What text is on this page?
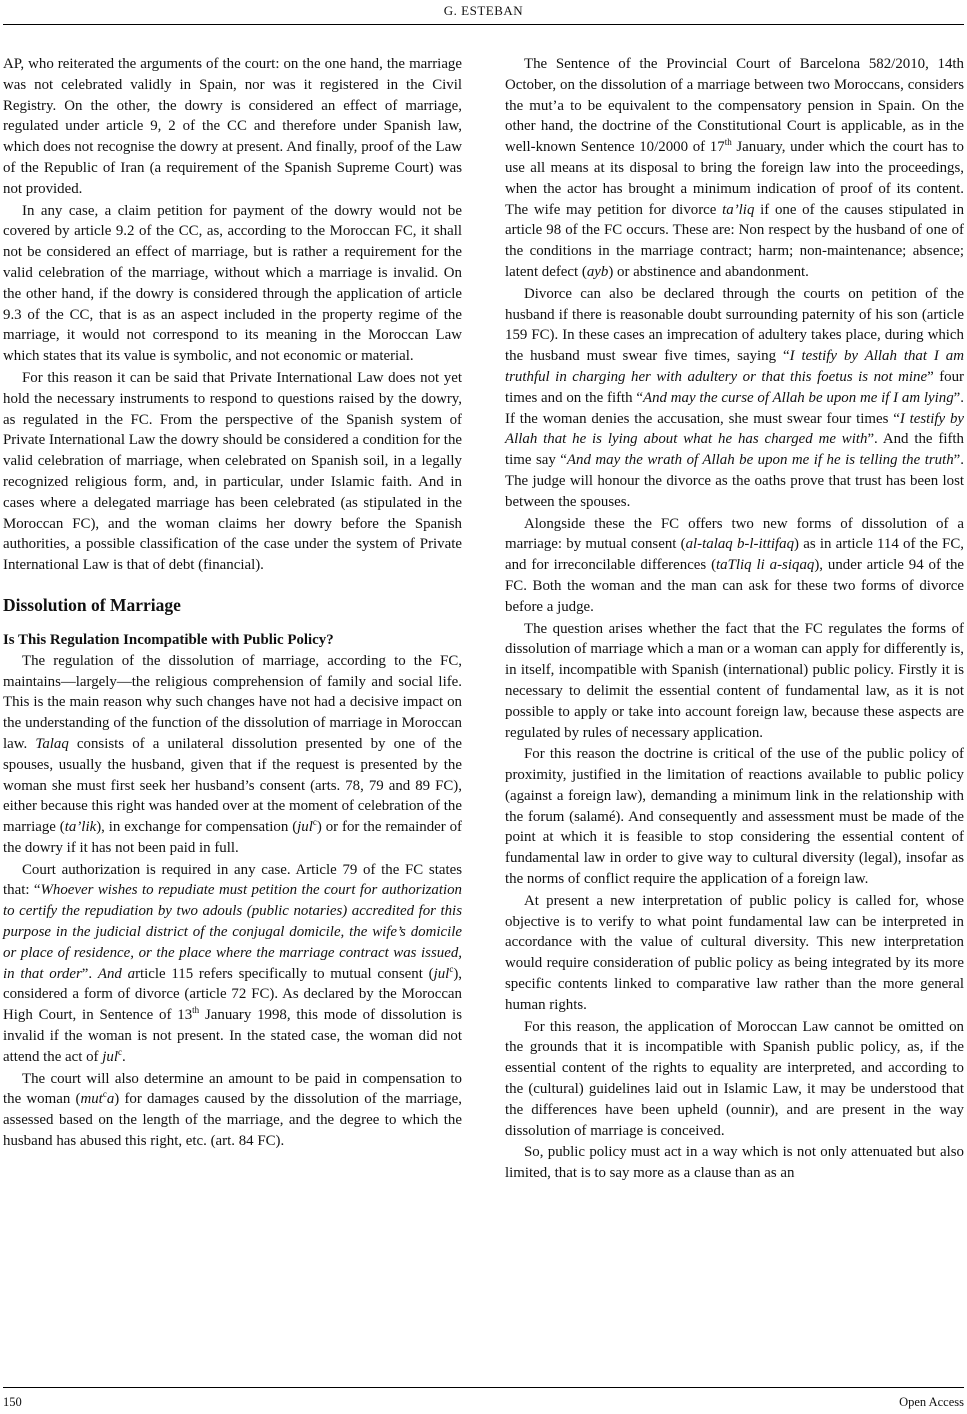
G. ESTEBAN

AP, who reiterated the arguments of the court: on the one hand, the marriage was not celebrated validly in Spain, nor was it registered in the Civil Registry. On the other, the dowry is considered an effect of marriage, regulated under article 9, 2 of the CC and therefore under Spanish law, which does not recognise the dowry at present. And finally, proof of the Law of the Republic of Iran (a requirement of the Spanish Supreme Court) was not provided.

In any case, a claim petition for payment of the dowry would not be covered by article 9.2 of the CC, as, according to the Moroccan FC, it shall not be considered an effect of marriage, but is rather a requirement for the valid celebration of the marriage, without which a marriage is invalid. On the other hand, if the dowry is considered through the application of article 9.3 of the CC, that is as an aspect included in the property regime of the marriage, it would not correspond to its meaning in the Moroccan Law which states that its value is symbolic, and not economic or material.

For this reason it can be said that Private International Law does not yet hold the necessary instruments to respond to questions raised by the dowry, as regulated in the FC. From the perspective of the Spanish system of Private International Law the dowry should be considered a condition for the valid celebration of marriage, when celebrated on Spanish soil, in a legally recognized religious form, and, in particular, under Islamic faith. And in cases where a delegated marriage has been celebrated (as stipulated in the Moroccan FC), and the woman claims her dowry before the Spanish authorities, a possible classification of the case under the system of Private International Law is that of debt (financial).

Dissolution of Marriage
Is This Regulation Incompatible with Public Policy?

The regulation of the dissolution of marriage, according to the FC, maintains—largely—the religious comprehension of family and social life. This is the main reason why such changes have not had a decisive impact on the understanding of the function of the dissolution of marriage in Moroccan law. Talaq consists of a unilateral dissolution presented by one of the spouses, usually the husband, given that if the request is presented by the woman she must first seek her husband’s consent (arts. 78, 79 and 89 FC), either because this right was handed over at the moment of celebration of the marriage (ta’lik), in exchange for compensation (jul$^c$) or for the remainder of the dowry if it has not been paid in full.

Court authorization is required in any case. Article 79 of the FC states that: “Whoever wishes to repudiate must petition the court for authorization to certify the repudiation by two adouls (public notaries) accredited for this purpose in the judicial district of the conjugal domicile, the wife’s domicile or place of residence, or the place where the marriage contract was issued, in that order”. And article 115 refers specifically to mutual consent (jul$^c$), considered a form of divorce (article 72 FC). As declared by the Moroccan High Court, in Sentence of 13th January 1998, this mode of dissolution is invalid if the woman is not present. In the stated case, the woman did not attend the act of jul$^c$.

The court will also determine an amount to be paid in compensation to the woman (mut$^c$a) for damages caused by the dissolution of the marriage, assessed based on the length of the marriage, and the degree to which the husband has abused this right, etc. (art. 84 FC).

The Sentence of the Provincial Court of Barcelona 582/2010, 14th October, on the dissolution of a marriage between two Moroccans, considers the mut’a to be equivalent to the compensatory pension in Spain. On the other hand, the doctrine of the Constitutional Court is applicable, as in the well-known Sentence 10/2000 of 17th January, under which the court has to use all means at its disposal to bring the foreign law into the proceedings, when the actor has brought a minimum indication of proof of its content. The wife may petition for divorce ta’liq if one of the causes stipulated in article 98 of the FC occurs. These are: Non respect by the husband of one of the conditions in the marriage contract; harm; non-maintenance; absence; latent defect (ayb) or abstinence and abandonment.

Divorce can also be declared through the courts on petition of the husband if there is reasonable doubt surrounding paternity of his son (article 159 FC). In these cases an imprecation of adultery takes place, during which the husband must swear five times, saying “I testify by Allah that I am truthful in charging her with adultery or that this foetus is not mine” four times and on the fifth “And may the curse of Allah be upon me if I am lying”. If the woman denies the accusation, she must swear four times “I testify by Allah that he is lying about what he has charged me with”. And the fifth time say “And may the wrath of Allah be upon me if he is telling the truth”. The judge will honour the divorce as the oaths prove that trust has been lost between the spouses.

Alongside these the FC offers two new forms of dissolution of a marriage: by mutual consent (al-talaq b-l-ittifaq) as in article 114 of the FC, and for irreconcilable differences (taTliq li a-siqaq), under article 94 of the FC. Both the woman and the man can ask for these two forms of divorce before a judge.

The question arises whether the fact that the FC regulates the forms of dissolution of marriage which a man or a woman can apply for differently is, in itself, incompatible with Spanish (international) public policy. Firstly it is necessary to delimit the essential content of fundamental law, as it is not possible to apply or take into account foreign law, because these aspects are regulated by rules of necessary application.

For this reason the doctrine is critical of the use of the public policy of proximity, justified in the limitation of reactions available to public policy (against a foreign law), demanding a minimum link in the relationship with the forum (salamé). And consequently and assessment must be made of the point at which it is feasible to stop considering the essential content of fundamental law in order to give way to cultural diversity (legal), insofar as the norms of conflict require the application of a foreign law.

At present a new interpretation of public policy is called for, whose objective is to verify to what point fundamental law can be interpreted in accordance with the value of cultural diversity. This new interpretation would require consideration of public policy as being integrated by its more specific contents linked to comparative law rather than the more general human rights.

For this reason, the application of Moroccan Law cannot be omitted on the grounds that it is incompatible with Spanish public policy, as, if the essential content of the rights to equality are interpreted, and according to the (cultural) guidelines laid out in Islamic Law, it may be understood that the differences have been upheld (ounnir), and are present in the way dissolution of marriage is conceived.

So, public policy must act in a way which is not only attenuated but also limited, that is to say more as a clause than as an

150	Open Access
